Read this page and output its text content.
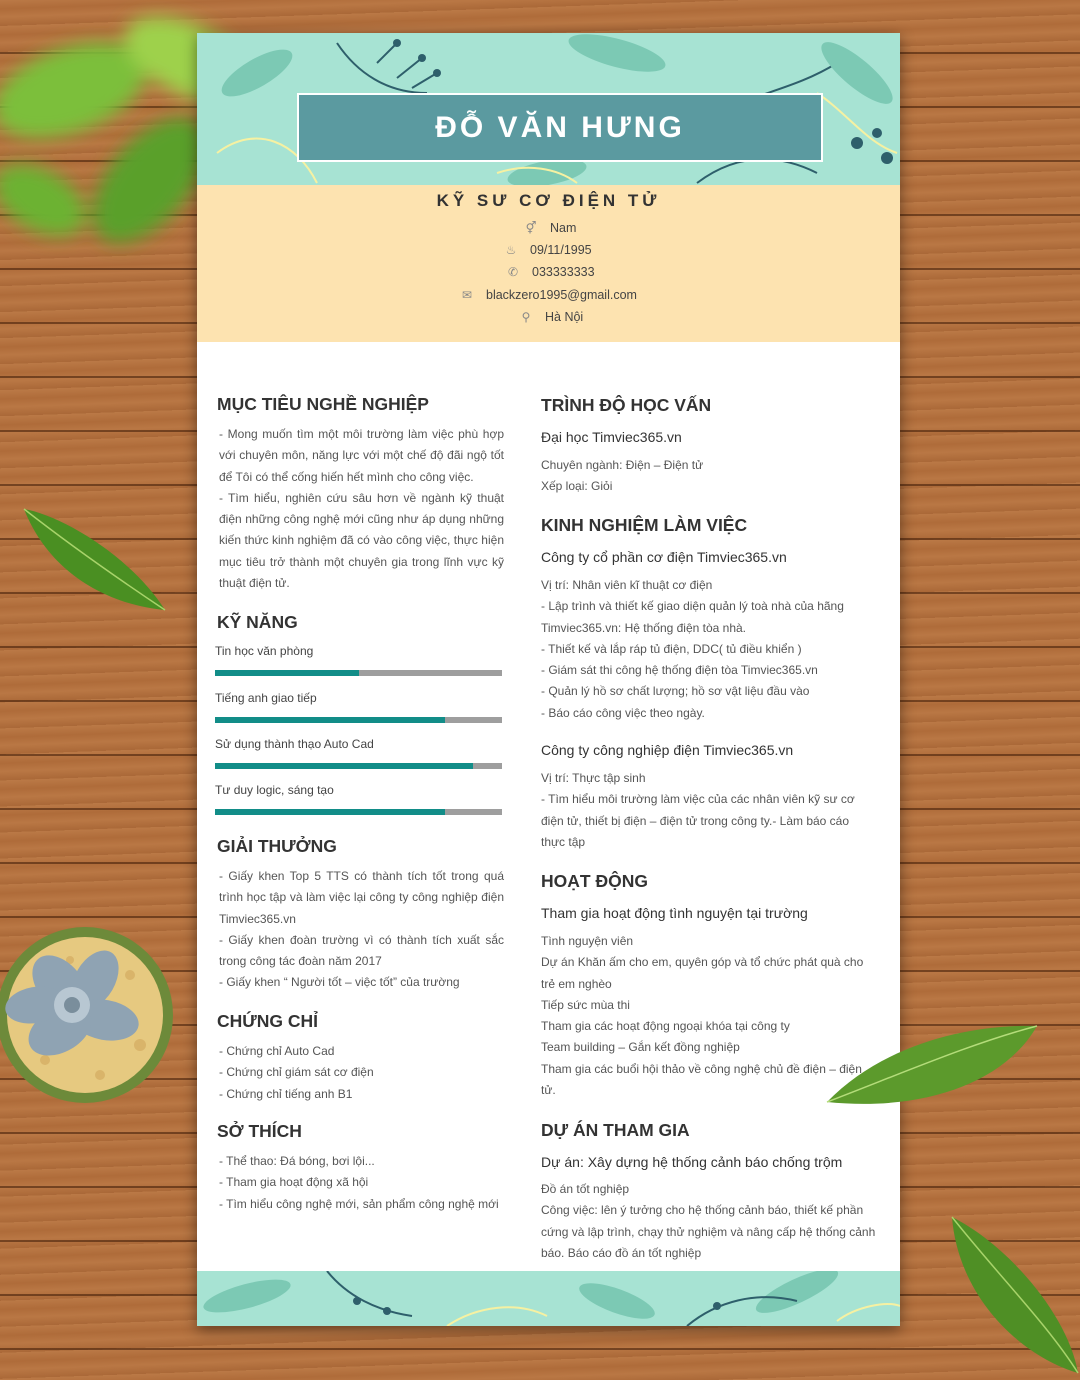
ĐỖ VĂN HƯNG
KỸ SƯ CƠ ĐIỆN TỬ
⚥ Nam
♨ 09/11/1995
✆	033333333
✉	blackzero1995@gmail.com
⚲	Hà Nội
MỤC TIÊU NGHỀ NGHIỆP
- Mong muốn tìm một môi trường làm việc phù hợp với chuyên môn, năng lực với một chế độ đãi ngộ tốt để Tôi có thể cống hiến hết mình cho công việc.
- Tìm hiểu, nghiên cứu sâu hơn về ngành kỹ thuật điện những công nghệ mới cũng như áp dụng những kiến thức kinh nghiệm đã có vào công việc, thực hiện mục tiêu trở thành một chuyên gia trong lĩnh vực kỹ thuật điện tử.
KỸ NĂNG
Tin học văn phòng
Tiếng anh giao tiếp
Sử dụng thành thạo Auto Cad
Tư duy logic, sáng tạo
GIẢI THƯỞNG
- Giấy khen Top 5 TTS có thành tích tốt trong quá trình học tập và làm việc lại công ty công nghiệp điện Timviec365.vn
- Giấy khen đoàn trường vì có thành tích xuất sắc trong công tác đoàn năm 2017
- Giấy khen “ Người tốt – việc tốt” của trường
CHỨNG CHỈ
- Chứng chỉ Auto Cad
- Chứng chỉ giám sát cơ điện
- Chứng chỉ tiếng anh B1
SỞ THÍCH
- Thể thao: Đá bóng, bơi lội...
- Tham gia hoạt động xã hội
- Tìm hiểu công nghệ mới, sản phẩm công nghệ mới
TRÌNH ĐỘ HỌC VẤN
Đại học Timviec365.vn
Chuyên ngành: Điện – Điện tử
Xếp loại: Giỏi
KINH NGHIỆM LÀM VIỆC
Công ty cổ phần cơ điện Timviec365.vn
Vị trí: Nhân viên kĩ thuật cơ điện
- Lập trình và thiết kế giao diện quản lý toà nhà của hãng Timviec365.vn: Hệ thống điện tòa nhà.
- Thiết kế và lắp ráp tủ điện, DDC( tủ điều khiển )
- Giám sát thi công hệ thống điện tòa Timviec365.vn
- Quản lý hồ sơ chất lượng; hồ sơ vật liệu đầu vào
- Báo cáo công việc theo ngày.
Công ty công nghiệp điện Timviec365.vn
Vị trí: Thực tập sinh
- Tìm hiểu môi trường làm việc của các nhân viên kỹ sư cơ điện tử, thiết bị điện – điện tử trong công ty.- Làm báo cáo thực tập
HOẠT ĐỘNG
Tham gia hoạt động tình nguyện tại trường
Tình nguyện viên
Dự án Khăn ấm cho em, quyên góp và tổ chức phát quà cho trẻ em nghèo
Tiếp sức mùa thi
Tham gia các hoạt động ngoại khóa tại công ty
Team building – Gắn kết đồng nghiệp
Tham gia các buổi hội thảo về công nghệ chủ đề điện – điện tử.
DỰ ÁN THAM GIA
Dự án: Xây dựng hệ thống cảnh báo chống trộm
Đồ án tốt nghiệp
Công việc: lên ý tưởng cho hệ thống cảnh báo, thiết kế phần cứng và lập trình, chạy thử nghiệm và nâng cấp hệ thống cảnh báo. Báo cáo đồ án tốt nghiệp
